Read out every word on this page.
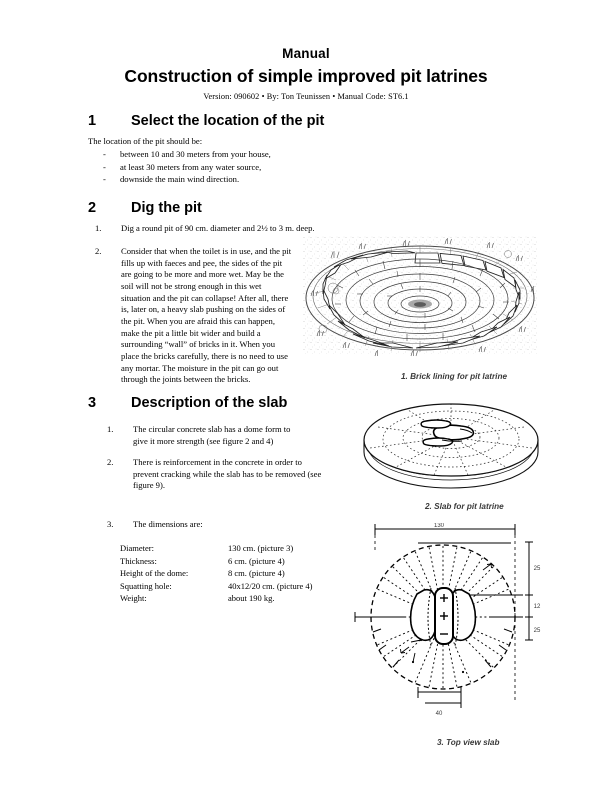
Manual
Construction of simple improved pit latrines
Version: 090602 • By: Ton Teunissen • Manual Code: ST6.1
1 Select the location of the pit
The location of the pit should be:
- between 10 and 30 meters from your house,
- at least 30 meters from any water source,
- downside the main wind direction.
2 Dig the pit
1.	Dig a round pit of 90 cm. diameter and 2½ to 3 m. deep.
2.	Consider that when the toilet is in use, and the pit fills up with faeces and pee, the sides of the pit are going to be more and more wet. May be the soil will not be strong enough in this wet situation and the pit can collapse! After all, there is, later on, a heavy slab pushing on the sides of the pit. When you are afraid this can happen, make the pit a little bit wider and build a surrounding “wall” of bricks in it. When you place the bricks carefully, there is no need to use any mortar. The moisture in the pit can go out through the joints between the bricks.	1. Brick lining for pit latrine
3 Description of the slab
1.	The circular concrete slab has a dome form to give it more strength (see figure 2 and 4)
2.	There is reinforcement in the concrete in order to prevent cracking while the slab has to be removed (see figure 9).
3.	The dimensions are:
Diameter:	130 cm. (picture 3)
Thickness:	6 cm. (picture 4)
Height of the dome:	8 cm. (picture 4)
Squatting hole:	40x12/20 cm. (picture 4)
Weight:	about 190 kg.
2. Slab for pit latrine
130
25
12
25
40
3. Top view slab
